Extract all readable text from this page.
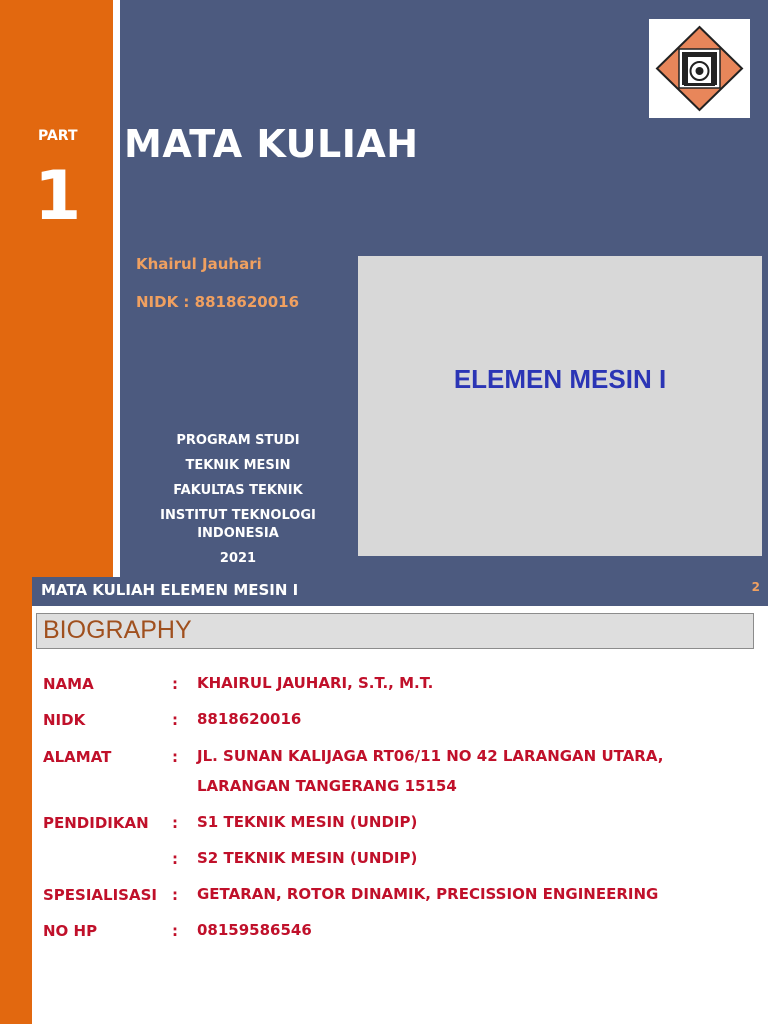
PART
1
MATA KULIAH
Khairul Jauhari
NIDK : 8818620016
PROGRAM STUDI
TEKNIK MESIN
FAKULTAS TEKNIK
INSTITUT TEKNOLOGI
INDONESIA
2021
ELEMEN MESIN I
MATA KULIAH ELEMEN MESIN I	2
BIOGRAPHY
NAMA	: KHAIRUL JAUHARI, S.T., M.T.
NIDK	: 8818620016
ALAMAT	: JL. SUNAN KALIJAGA RT06/11 NO 42 LARANGAN UTARA, LARANGAN TANGERANG 15154
PENDIDIKAN : S1 TEKNIK MESIN (UNDIP)
: S2 TEKNIK MESIN (UNDIP)
SPESIALISASI : GETARAN, ROTOR DINAMIK, PRECISSION ENGINEERING
NO HP	: 08159586546
